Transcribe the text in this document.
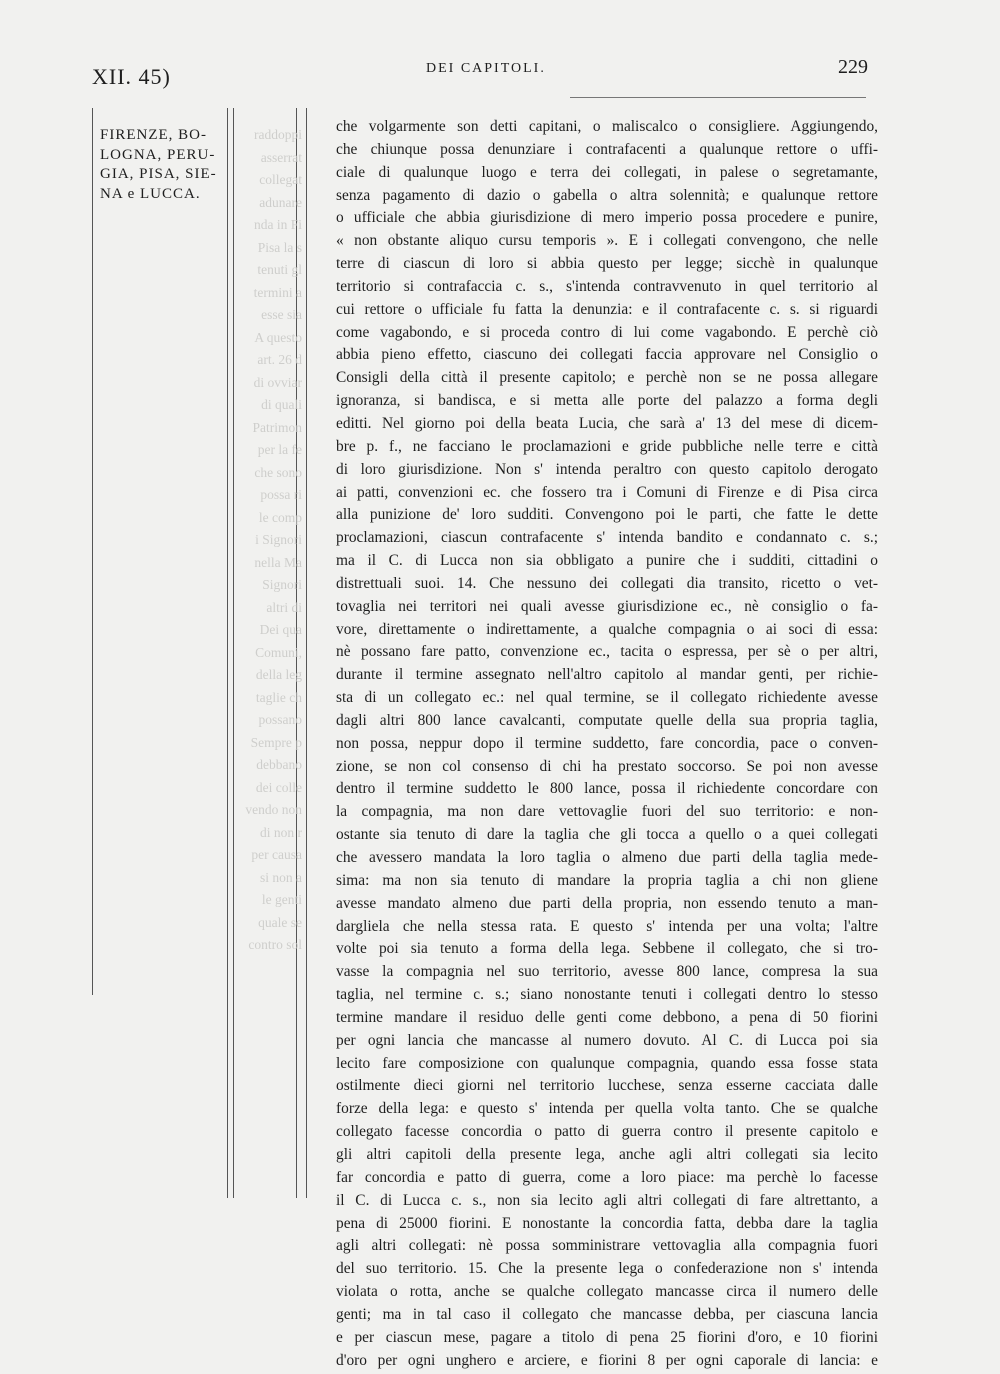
XII. 45)	DEI CAPITOLI.	229
FIRENZE, BO-
LOGNA, PERU-
GIA, PISA, SIE-
NA e LUCCA.
raddoppi
asserrat
collegat
adunare
nda in Fi
Pisa la s
tenuti gl
termini a
esse sia
A questo
art. 26 d
di ovviar
di quali
Patrimon
per la fe
che sono
possa ri
le comp
i Signori
nella Ma
Signori
altri di
Dei qua
Comuni,
della leg
taglie ch
possano
Sempre p
debbano
dei colle
vendo non
di non r
per causa
si non a
le genti
quale se
contro sol
che volgarmente son detti capitani, o maliscalco o consigliere. Aggiungendo,
che chiunque possa denunziare i contrafacenti a qualunque rettore o uffi-
ciale di qualunque luogo e terra dei collegati, in palese o segretamante,
senza pagamento di dazio o gabella o altra solennità; e qualunque rettore
o ufficiale che abbia giurisdizione di mero imperio possa procedere e punire,
« non obstante aliquo cursu temporis ». E i collegati convengono, che nelle
terre di ciascun di loro si abbia questo per legge; sicchè in qualunque
territorio si contrafaccia c. s., s'intenda contravvenuto in quel territorio al
cui rettore o ufficiale fu fatta la denunzia: e il contrafacente c. s. si riguardi
come vagabondo, e si proceda contro di lui come vagabondo. E perchè ciò
abbia pieno effetto, ciascuno dei collegati faccia approvare nel Consiglio o
Consigli della città il presente capitolo; e perchè non se ne possa allegare
ignoranza, si bandisca, e si metta alle porte del palazzo a forma degli
editti. Nel giorno poi della beata Lucia, che sarà a' 13 del mese di dicem-
bre p. f., ne facciano le proclamazioni e gride pubbliche nelle terre e città
di loro giurisdizione. Non s' intenda peraltro con questo capitolo derogato
ai patti, convenzioni ec. che fossero tra i Comuni di Firenze e di Pisa circa
alla punizione de' loro sudditi. Convengono poi le parti, che fatte le dette
proclamazioni, ciascun contrafacente s' intenda bandito e condannato c. s.;
ma il C. di Lucca non sia obbligato a punire che i sudditi, cittadini o
distrettuali suoi. 14. Che nessuno dei collegati dia transito, ricetto o vet-
tovaglia nei territori nei quali avesse giurisdizione ec., nè consiglio o fa-
vore, direttamente o indirettamente, a qualche compagnia o ai soci di essa:
nè possano fare patto, convenzione ec., tacita o espressa, per sè o per altri,
durante il termine assegnato nell'altro capitolo al mandar genti, per richie-
sta di un collegato ec.: nel qual termine, se il collegato richiedente avesse
dagli altri 800 lance cavalcanti, computate quelle della sua propria taglia,
non possa, neppur dopo il termine suddetto, fare concordia, pace o conven-
zione, se non col consenso di chi ha prestato soccorso. Se poi non avesse
dentro il termine suddetto le 800 lance, possa il richiedente concordare con
la compagnia, ma non dare vettovaglie fuori del suo territorio: e non-
ostante sia tenuto di dare la taglia che gli tocca a quello o a quei collegati
che avessero mandata la loro taglia o almeno due parti della taglia mede-
sima: ma non sia tenuto di mandare la propria taglia a chi non gliene
avesse mandato almeno due parti della propria, non essendo tenuto a man-
dargliela che nella stessa rata. E questo s' intenda per una volta; l'altre
volte poi sia tenuto a forma della lega. Sebbene il collegato, che si tro-
vasse la compagnia nel suo territorio, avesse 800 lance, compresa la sua
taglia, nel termine c. s.; siano nonostante tenuti i collegati dentro lo stesso
termine mandare il residuo delle genti come debbono, a pena di 50 fiorini
per ogni lancia che mancasse al numero dovuto. Al C. di Lucca poi sia
lecito fare composizione con qualunque compagnia, quando essa fosse stata
ostilmente dieci giorni nel territorio lucchese, senza esserne cacciata dalle
forze della lega: e questo s' intenda per quella volta tanto. Che se qualche
collegato facesse concordia o patto di guerra contro il presente capitolo e
gli altri capitoli della presente lega, anche agli altri collegati sia lecito
far concordia e patto di guerra, come a loro piace: ma perchè lo facesse
il C. di Lucca c. s., non sia lecito agli altri collegati di fare altrettanto, a
pena di 25000 fiorini. E nonostante la concordia fatta, debba dare la taglia
agli altri collegati: nè possa somministrare vettovaglia alla compagnia fuori
del suo territorio. 15. Che la presente lega o confederazione non s' intenda
violata o rotta, anche se qualche collegato mancasse circa il numero delle
genti; ma in tal caso il collegato che mancasse debba, per ciascuna lancia
e per ciascun mese, pagare a titolo di pena 25 fiorini d'oro, e 10 fiorini
d'oro per ogni unghero e arciere, e fiorini 8 per ogni caporale di lancia: e
